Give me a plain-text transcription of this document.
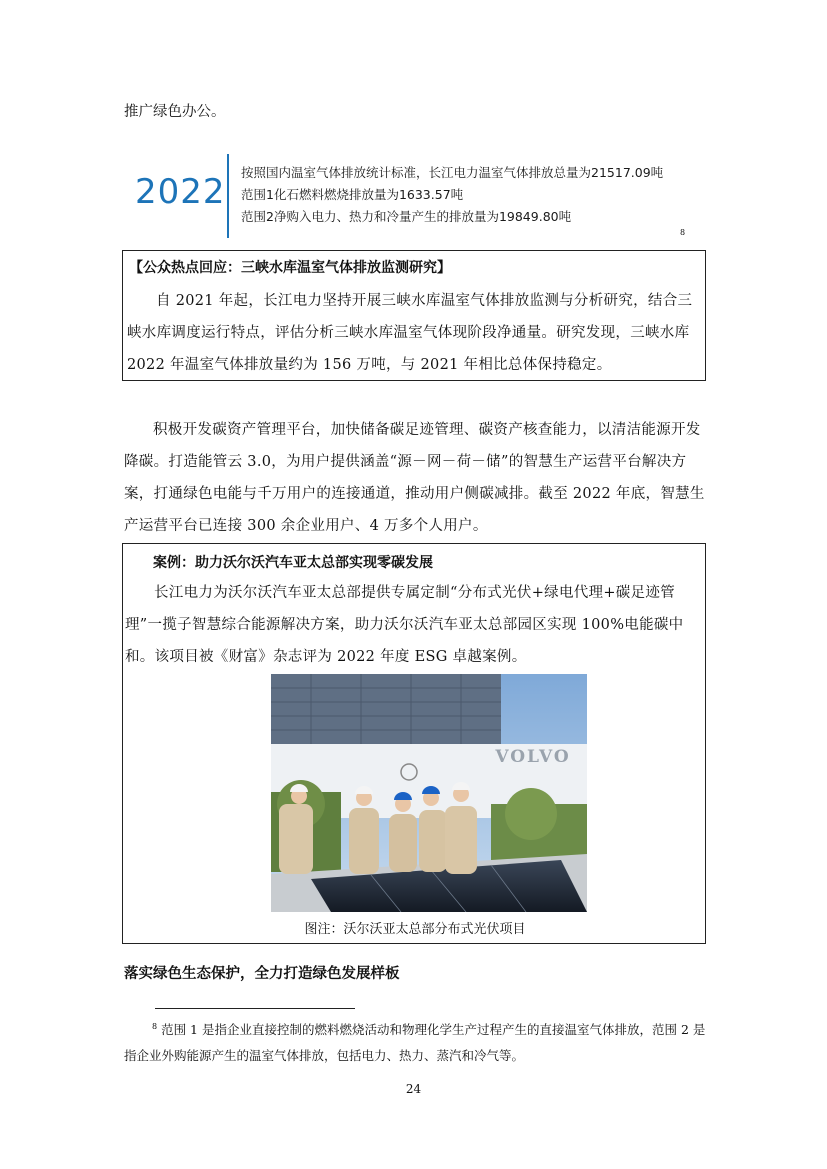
推广绿色办公。
2022 按照国内温室气体排放统计标准，长江电力温室气体排放总量为21517.09吨
范围1化石燃料燃烧排放量为1633.57吨
范围2净购入电力、热力和冷量产生的排放量为19849.80吨
8
【公众热点回应：三峡水库温室气体排放监测研究】
自 2021 年起，长江电力坚持开展三峡水库温室气体排放监测与分析研究，结合三峡水库调度运行特点，评估分析三峡水库温室气体现阶段净通量。研究发现，三峡水库 2022 年温室气体排放量约为 156 万吨，与 2021 年相比总体保持稳定。
积极开发碳资产管理平台，加快储备碳足迹管理、碳资产核查能力，以清洁能源开发降碳。打造能管云 3.0，为用户提供涵盖“源－网－荷－储”的智慧生产运营平台解决方案，打通绿色电能与千万用户的连接通道，推动用户侧碳减排。截至 2022 年底，智慧生产运营平台已连接 300 余企业用户、4 万多个人用户。
案例：助力沃尔沃汽车亚太总部实现零碳发展
长江电力为沃尔沃汽车亚太总部提供专属定制“分布式光伏+绿电代理+碳足迹管理”一揽子智慧综合能源解决方案，助力沃尔沃汽车亚太总部园区实现 100%电能碳中和。该项目被《财富》杂志评为 2022 年度 ESG 卓越案例。
VOLVO
图注：沃尔沃亚太总部分布式光伏项目
落实绿色生态保护，全力打造绿色发展样板
$^8$ 范围 1 是指企业直接控制的燃料燃烧活动和物理化学生产过程产生的直接温室气体排放，范围 2 是指企业外购能源产生的温室气体排放，包括电力、热力、蒸汽和冷气等。
24
